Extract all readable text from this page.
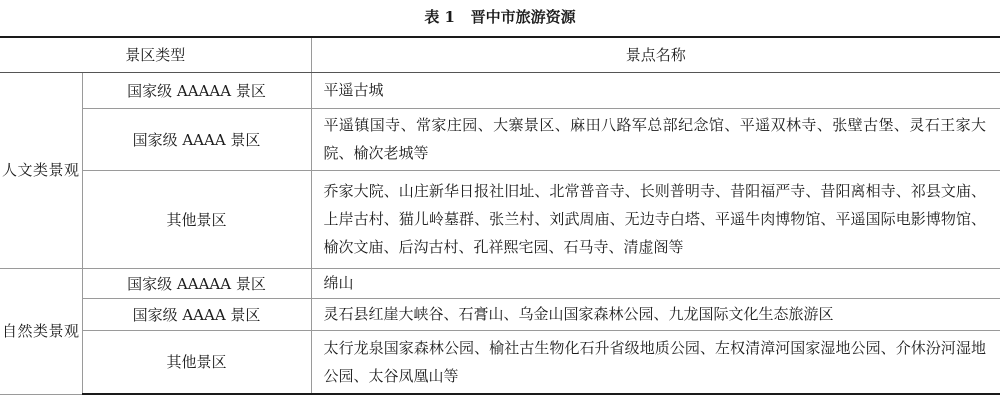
表 1 晋中市旅游资源
景区类型		景点名称
人文类景观	国家级 AAAAA 景区	平遥古城
	国家级 AAAA 景区	平遥镇国寺、常家庄园、大寨景区、麻田八路军总部纪念馆、平遥双林寺、张壁古堡、灵石王家大院、榆次老城等
	其他景区	乔家大院、山庄新华日报社旧址、北常普音寺、长则普明寺、昔阳福严寺、昔阳离相寺、祁县文庙、上岸古村、猫儿岭墓群、张兰村、刘武周庙、无边寺白塔、平遥牛肉博物馆、平遥国际电影博物馆、榆次文庙、后沟古村、孔祥熙宅园、石马寺、清虚阁等
自然类景观	国家级 AAAAA 景区	绵山
	国家级 AAAA 景区	灵石县红崖大峡谷、石膏山、乌金山国家森林公园、九龙国际文化生态旅游区
	其他景区	太行龙泉国家森林公园、榆社古生物化石升省级地质公园、左权清漳河国家湿地公园、介休汾河湿地公园、太谷凤凰山等
